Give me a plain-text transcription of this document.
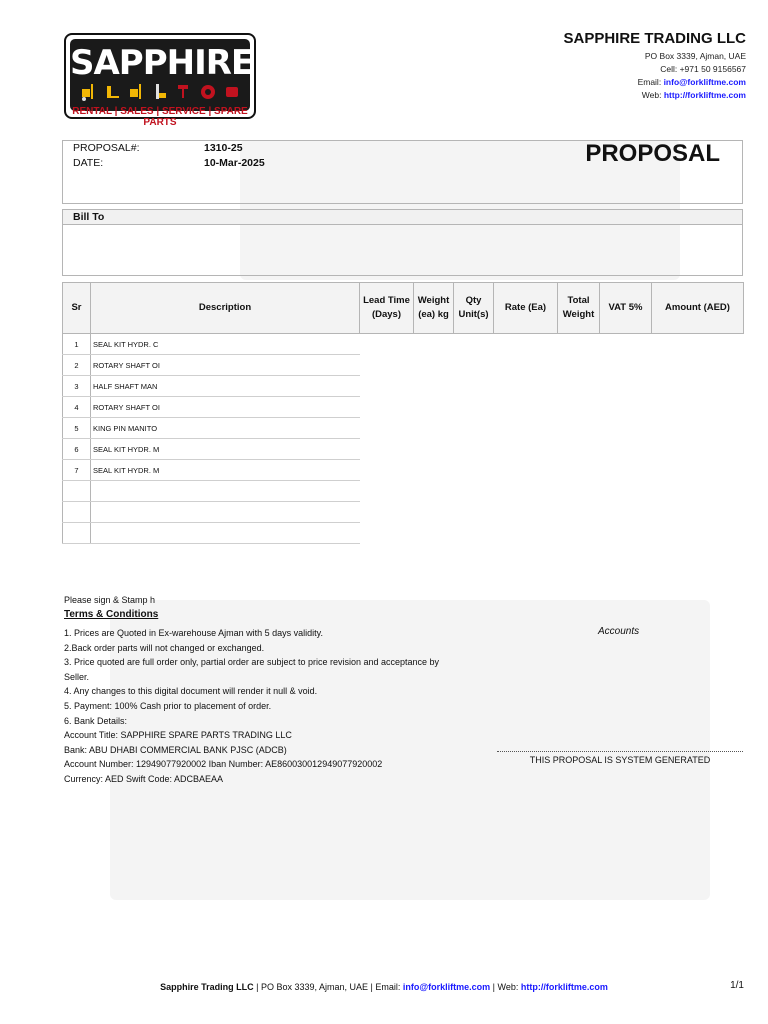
SAPPHIRE
RENTAL | SALES | SERVICE | SPARE PARTS
SAPPHIRE TRADING LLC
PO Box 3339, Ajman, UAE
Cell: +971 50 9156567
Email: info@forkliftme.com
Web: http://forkliftme.com
PROPOSAL#:	1310-25
DATE:	10-Mar-2025	PROPOSAL
Bill To
Sr	Description	Lead Time (Days)	Weight (ea) kg	Qty Unit(s)	Rate (Ea)	Total Weight	VAT 5%	Amount (AED)
1	SEAL KIT HYDR. C							

2	ROTARY SHAFT OI							

3	HALF SHAFT MAN							

4	ROTARY SHAFT OI							

5	KING PIN MANITO							

6	SEAL KIT HYDR. M							

7	SEAL KIT HYDR. M							

Please sign & Stamp h
Terms & Conditions
1. Prices are Quoted in Ex-warehouse Ajman with 5 days validity.
2.Back order parts will not changed or exchanged.
3. Price quoted are full order only, partial order are subject to price revision and acceptance by
Seller.
4. Any changes to this digital document will render it null & void.
5. Payment: 100% Cash prior to placement of order.
6. Bank Details:
Account Title: SAPPHIRE SPARE PARTS TRADING LLC
Bank: ABU DHABI COMMERCIAL BANK PJSC (ADCB)
Account Number: 12949077920002 Iban Number: AE860030012949077920002
Currency: AED Swift Code: ADCBAEAA
Accounts
THIS PROPOSAL IS SYSTEM GENERATED
Sapphire Trading LLC | PO Box 3339, Ajman, UAE | Email: info@forkliftme.com | Web: http://forkliftme.com	1/1
